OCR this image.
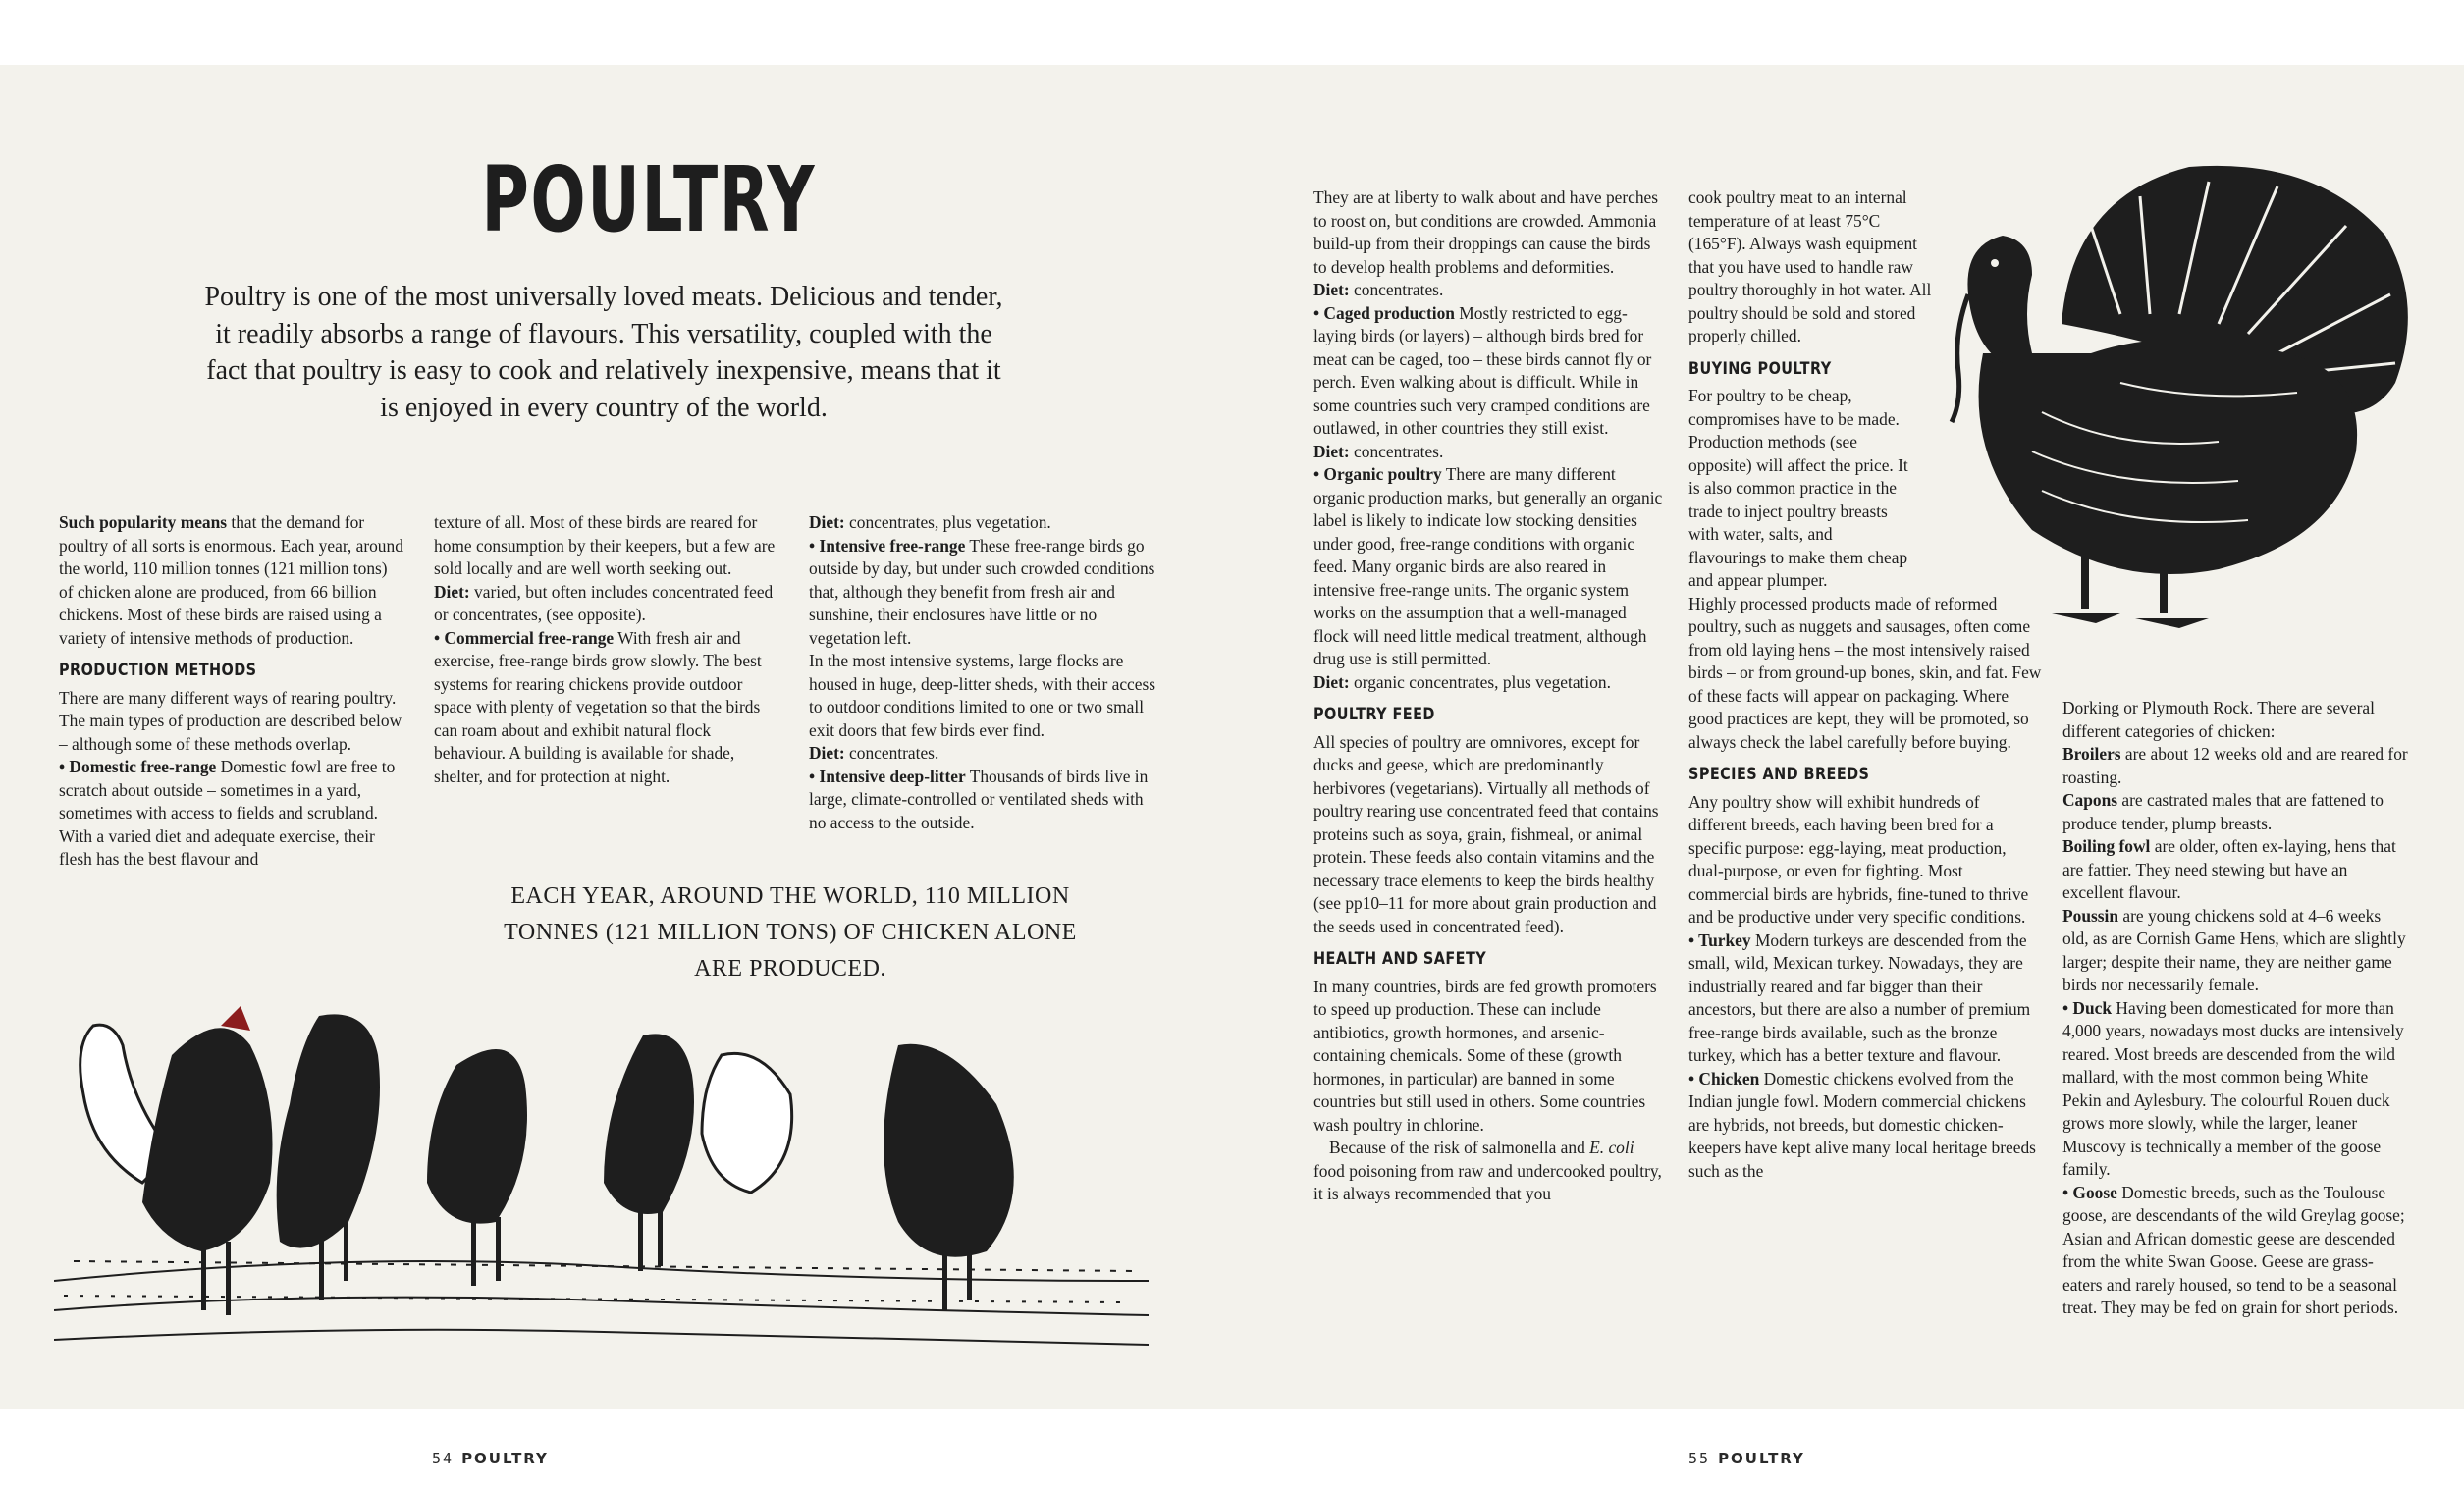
POULTRY
Poultry is one of the most universally loved meats. Delicious and tender, it readily absorbs a range of flavours. This versatility, coupled with the fact that poultry is easy to cook and relatively inexpensive, means that it is enjoyed in every country of the world.

Such popularity means that the demand for poultry of all sorts is enormous. Each year, around the world, 110 million tonnes (121 million tons) of chicken alone are produced, from 66 billion chickens. Most of these birds are raised using a variety of intensive methods of production.

PRODUCTION METHODS

There are many different ways of rearing poultry. The main types of production are described below – although some of these methods overlap.

• Domestic free-range Domestic fowl are free to scratch about outside – sometimes in a yard, sometimes with access to fields and scrubland. With a varied diet and adequate exercise, their flesh has the best flavour and

texture of all. Most of these birds are reared for home consumption by their keepers, but a few are sold locally and are well worth seeking out.

Diet: varied, but often includes concentrated feed or concentrates, (see opposite).

• Commercial free-range With fresh air and exercise, free-range birds grow slowly. The best systems for rearing chickens provide outdoor space with plenty of vegetation so that the birds can roam about and exhibit natural flock behaviour. A building is available for shade, shelter, and for protection at night.

Diet: concentrates, plus vegetation.

• Intensive free-range These free-range birds go outside by day, but under such crowded conditions that, although they benefit from fresh air and sunshine, their enclosures have little or no vegetation left.

In the most intensive systems, large flocks are housed in huge, deep-litter sheds, with their access to outdoor conditions limited to one or two small exit doors that few birds ever find.

Diet: concentrates.

• Intensive deep-litter Thousands of birds live in large, climate-controlled or ventilated sheds with no access to the outside.

EACH YEAR, AROUND THE WORLD, 110 MILLION TONNES (121 MILLION TONS) OF CHICKEN ALONE ARE PRODUCED.
54 POULTRY

They are at liberty to walk about and have perches to roost on, but conditions are crowded. Ammonia build-up from their droppings can cause the birds to develop health problems and deformities.

Diet: concentrates.

• Caged production Mostly restricted to egg-laying birds (or layers) – although birds bred for meat can be caged, too – these birds cannot fly or perch. Even walking about is difficult. While in some countries such very cramped conditions are outlawed, in other countries they still exist.

Diet: concentrates.

• Organic poultry There are many different organic production marks, but generally an organic label is likely to indicate low stocking densities under good, free-range conditions with organic feed. Many organic birds are also reared in intensive free-range units. The organic system works on the assumption that a well-managed flock will need little medical treatment, although drug use is still permitted.

Diet: organic concentrates, plus vegetation.

POULTRY FEED

All species of poultry are omnivores, except for ducks and geese, which are predominantly herbivores (vegetarians). Virtually all methods of poultry rearing use concentrated feed that contains proteins such as soya, grain, fishmeal, or animal protein. These feeds also contain vitamins and the necessary trace elements to keep the birds healthy (see pp10–11 for more about grain production and the seeds used in concentrated feed).

HEALTH AND SAFETY

In many countries, birds are fed growth promoters to speed up production. These can include antibiotics, growth hormones, and arsenic-containing chemicals. Some of these (growth hormones, in particular) are banned in some countries but still used in others. Some countries wash poultry in chlorine.

Because of the risk of salmonella and E. coli food poisoning from raw and undercooked poultry, it is always recommended that you

cook poultry meat to an internal temperature of at least 75°C (165°F). Always wash equipment that you have used to handle raw poultry thoroughly in hot water. All poultry should be sold and stored properly chilled.

BUYING POULTRY

For poultry to be cheap, compromises have to be made. Production methods (see opposite) will affect the price. It is also common practice in the trade to inject poultry breasts with water, salts, and flavourings to make them cheap and appear plumper.

Highly processed products made of reformed poultry, such as nuggets and sausages, often come from old laying hens – the most intensively raised birds – or from ground-up bones, skin, and fat. Few of these facts will appear on packaging. Where good practices are kept, they will be promoted, so always check the label carefully before buying.

SPECIES AND BREEDS

Any poultry show will exhibit hundreds of different breeds, each having been bred for a specific purpose: egg-laying, meat production, dual-purpose, or even for fighting. Most commercial birds are hybrids, fine-tuned to thrive and be productive under very specific conditions.

• Turkey Modern turkeys are descended from the small, wild, Mexican turkey. Nowadays, they are industrially reared and far bigger than their ancestors, but there are also a number of premium free-range birds available, such as the bronze turkey, which has a better texture and flavour.

• Chicken Domestic chickens evolved from the Indian jungle fowl. Modern commercial chickens are hybrids, not breeds, but domestic chicken-keepers have kept alive many local heritage breeds such as the

Dorking or Plymouth Rock. There are several different categories of chicken:

Broilers are about 12 weeks old and are reared for roasting.

Capons are castrated males that are fattened to produce tender, plump breasts.

Boiling fowl are older, often ex-laying, hens that are fattier. They need stewing but have an excellent flavour.

Poussin are young chickens sold at 4–6 weeks old, as are Cornish Game Hens, which are slightly larger; despite their name, they are neither game birds nor necessarily female.

• Duck Having been domesticated for more than 4,000 years, nowadays most ducks are intensively reared. Most breeds are descended from the wild mallard, with the most common being White Pekin and Aylesbury. The colourful Rouen duck grows more slowly, while the larger, leaner Muscovy is technically a member of the goose family.

• Goose Domestic breeds, such as the Toulouse goose, are descendants of the wild Greylag goose; Asian and African domestic geese are descended from the white Swan Goose. Geese are grass-eaters and rarely housed, so tend to be a seasonal treat. They may be fed on grain for short periods.

55 POULTRY
